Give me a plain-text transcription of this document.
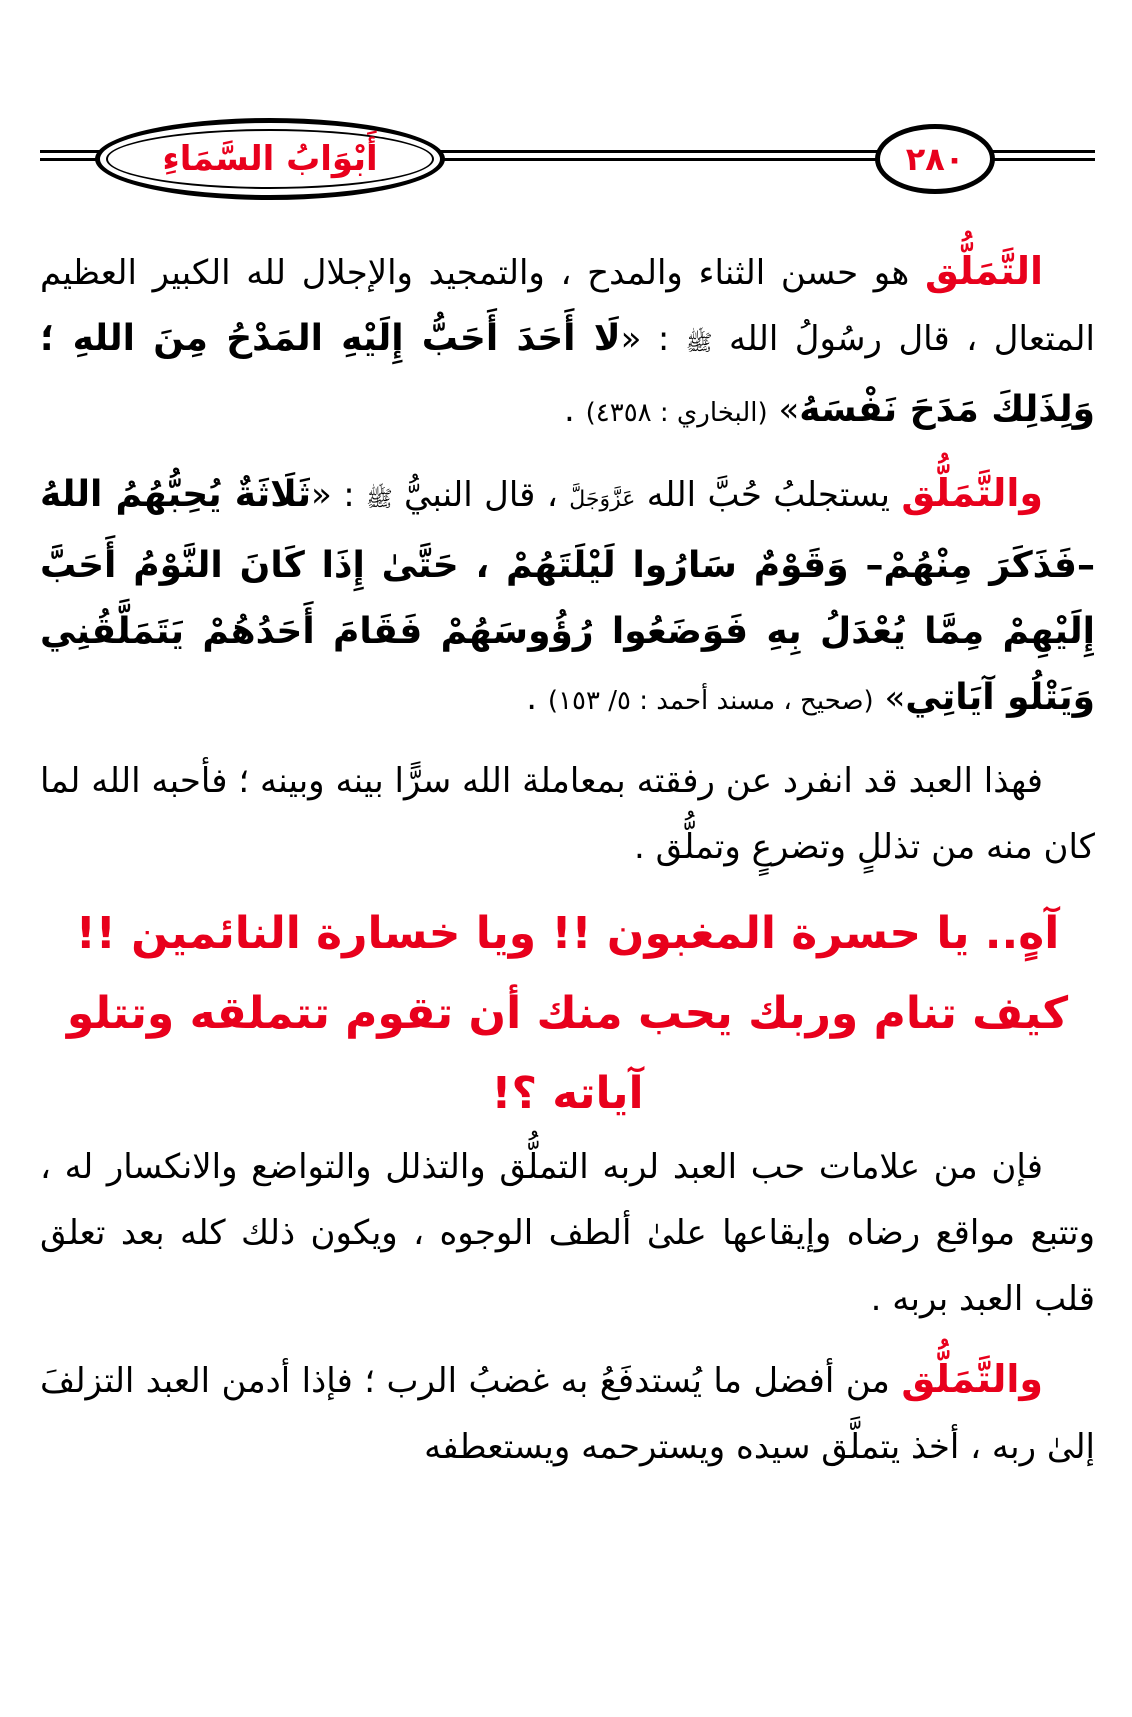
أَبْوَابُ السَّمَاءِ	٢٨٠

التَّمَلُّق هو حسن الثناء والمدح ، والتمجيد والإجلال لله الكبير العظيم المتعال ، قال رسُولُ الله ﷺ : «لَا أَحَدَ أَحَبُّ إِلَيْهِ المَدْحُ مِنَ اللهِ ؛ وَلِذَلِكَ مَدَحَ نَفْسَهُ» (البخاري : ٤٣٥٨) .

والتَّمَلُّق يستجلبُ حُبَّ الله عَزَّوَجَلَّ ، قال النبيُّ ﷺ : «ثَلَاثَةٌ يُحِبُّهُمُ اللهُ –فَذَكَرَ مِنْهُمْ– وَقَوْمٌ سَارُوا لَيْلَتَهُمْ ، حَتَّىٰ إِذَا كَانَ النَّوْمُ أَحَبَّ إِلَيْهِمْ مِمَّا يُعْدَلُ بِهِ فَوَضَعُوا رُؤُوسَهُمْ فَقَامَ أَحَدُهُمْ يَتَمَلَّقُنِي وَيَتْلُو آيَاتِي» (صحيح ، مسند أحمد : ٥/ ١٥٣) .

فهذا العبد قد انفرد عن رفقته بمعاملة الله سرًّا بينه وبينه ؛ فأحبه الله لما كان منه من تذللٍ وتضرعٍ وتملُّق .

آهٍ.. يا حسرة المغبون !! ويا خسارة النائمين !!

كيف تنام وربك يحب منك أن تقوم تتملقه وتتلو آياته ؟!

فإن من علامات حب العبد لربه التملُّق والتذلل والتواضع والانكسار له ، وتتبع مواقع رضاه وإيقاعها علىٰ ألطف الوجوه ، ويكون ذلك كله بعد تعلق قلب العبد بربه .

والتَّمَلُّق من أفضل ما يُستدفَعُ به غضبُ الرب ؛ فإذا أدمن العبد التزلفَ إلىٰ ربه ، أخذ يتملَّق سيده ويسترحمه ويستعطفه
